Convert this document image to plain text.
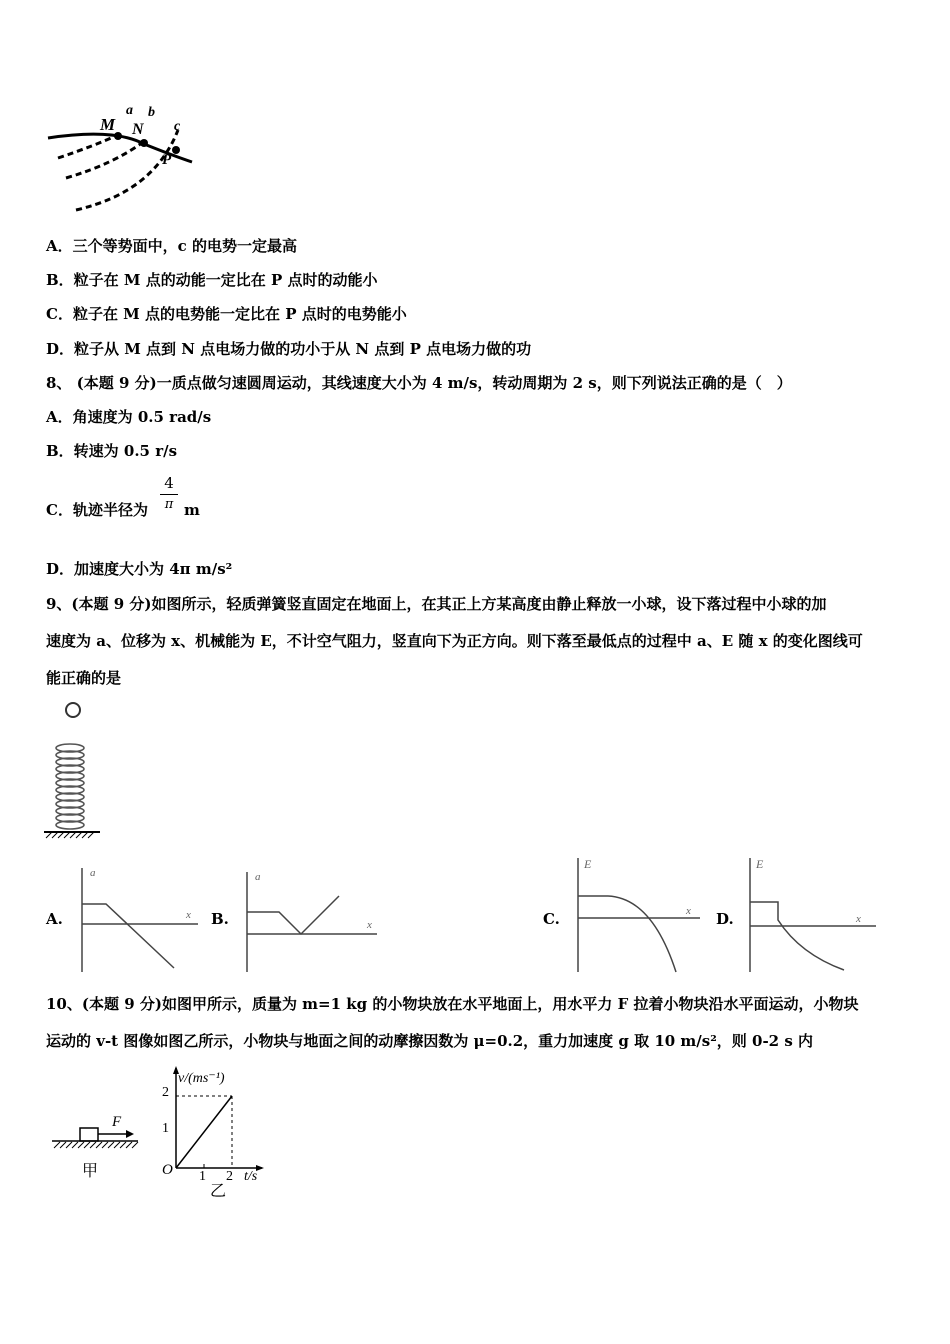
M N
P
a b
c
A．三个等势面中，c 的电势一定最高
B．粒子在 M 点的动能一定比在 P 点时的动能小
C．粒子在 M 点的电势能一定比在 P 点时的电势能小
D．粒子从 M 点到 N 点电场力做的功小于从 N 点到 P 点电场力做的功
8、 (本题 9 分)一质点做匀速圆周运动，其线速度大小为 4 m/s，转动周期为 2 s，则下列说法正确的是（　）
A．角速度为 0.5 rad/s
B．转速为 0.5 r/s
C．轨迹半径为
4
π m
D．加速度大小为 4π m/s²
9、(本题 9 分)如图所示，轻质弹簧竖直固定在地面上，在其正上方某高度由静止释放一小球，设下落过程中小球的加
速度为 a、位移为 x、机械能为 E，不计空气阻力，竖直向下为正方向。则下落至最低点的过程中 a、E 随 x 的变化图线可
能正确的是
A.
a
x B.
a
x	C.
E
x D.
E
x
10、(本题 9 分)如图甲所示，质量为 m=1 kg 的小物块放在水平地面上，用水平力 F 拉着小物块沿水平面运动，小物块
运动的 v-t 图像如图乙所示，小物块与地面之间的动摩擦因数为 μ=0.2，重力加速度 g 取 10 m/s²，则 0-2 s 内
F
甲
v/(ms⁻¹)
t/s
O
1
2
1 2
乙
